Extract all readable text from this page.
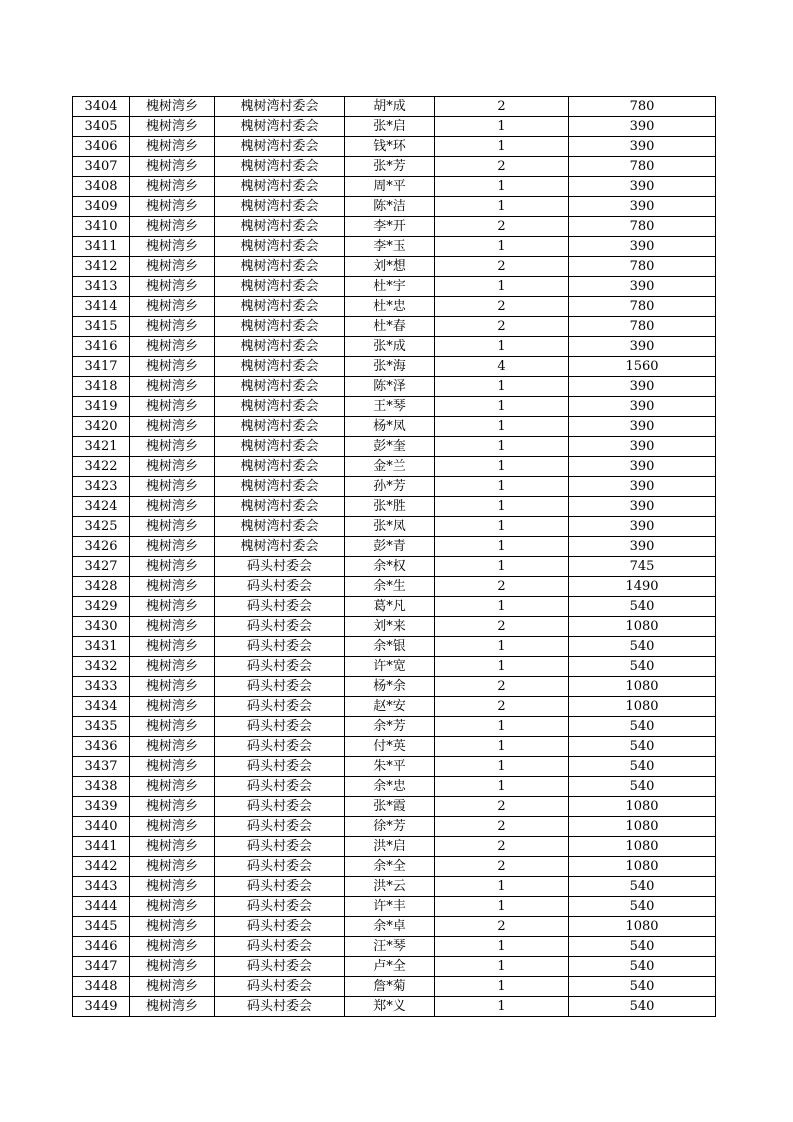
3404	槐树湾乡	槐树湾村委会	胡*成	2	780
3405	槐树湾乡	槐树湾村委会	张*启	1	390
3406	槐树湾乡	槐树湾村委会	钱*环	1	390
3407	槐树湾乡	槐树湾村委会	张*芳	2	780
3408	槐树湾乡	槐树湾村委会	周*平	1	390
3409	槐树湾乡	槐树湾村委会	陈*洁	1	390
3410	槐树湾乡	槐树湾村委会	李*开	2	780
3411	槐树湾乡	槐树湾村委会	李*玉	1	390
3412	槐树湾乡	槐树湾村委会	刘*想	2	780
3413	槐树湾乡	槐树湾村委会	杜*宇	1	390
3414	槐树湾乡	槐树湾村委会	杜*忠	2	780
3415	槐树湾乡	槐树湾村委会	杜*春	2	780
3416	槐树湾乡	槐树湾村委会	张*成	1	390
3417	槐树湾乡	槐树湾村委会	张*海	4	1560
3418	槐树湾乡	槐树湾村委会	陈*泽	1	390
3419	槐树湾乡	槐树湾村委会	王*琴	1	390
3420	槐树湾乡	槐树湾村委会	杨*凤	1	390
3421	槐树湾乡	槐树湾村委会	彭*奎	1	390
3422	槐树湾乡	槐树湾村委会	金*兰	1	390
3423	槐树湾乡	槐树湾村委会	孙*芳	1	390
3424	槐树湾乡	槐树湾村委会	张*胜	1	390
3425	槐树湾乡	槐树湾村委会	张*凤	1	390
3426	槐树湾乡	槐树湾村委会	彭*青	1	390
3427	槐树湾乡	码头村委会	余*权	1	745
3428	槐树湾乡	码头村委会	余*生	2	1490
3429	槐树湾乡	码头村委会	葛*凡	1	540
3430	槐树湾乡	码头村委会	刘*来	2	1080
3431	槐树湾乡	码头村委会	余*银	1	540
3432	槐树湾乡	码头村委会	许*宽	1	540
3433	槐树湾乡	码头村委会	杨*余	2	1080
3434	槐树湾乡	码头村委会	赵*安	2	1080
3435	槐树湾乡	码头村委会	余*芳	1	540
3436	槐树湾乡	码头村委会	付*英	1	540
3437	槐树湾乡	码头村委会	朱*平	1	540
3438	槐树湾乡	码头村委会	余*忠	1	540
3439	槐树湾乡	码头村委会	张*霞	2	1080
3440	槐树湾乡	码头村委会	徐*芳	2	1080
3441	槐树湾乡	码头村委会	洪*启	2	1080
3442	槐树湾乡	码头村委会	余*全	2	1080
3443	槐树湾乡	码头村委会	洪*云	1	540
3444	槐树湾乡	码头村委会	许*丰	1	540
3445	槐树湾乡	码头村委会	余*卓	2	1080
3446	槐树湾乡	码头村委会	汪*琴	1	540
3447	槐树湾乡	码头村委会	卢*全	1	540
3448	槐树湾乡	码头村委会	詹*菊	1	540
3449	槐树湾乡	码头村委会	郑*义	1	540
